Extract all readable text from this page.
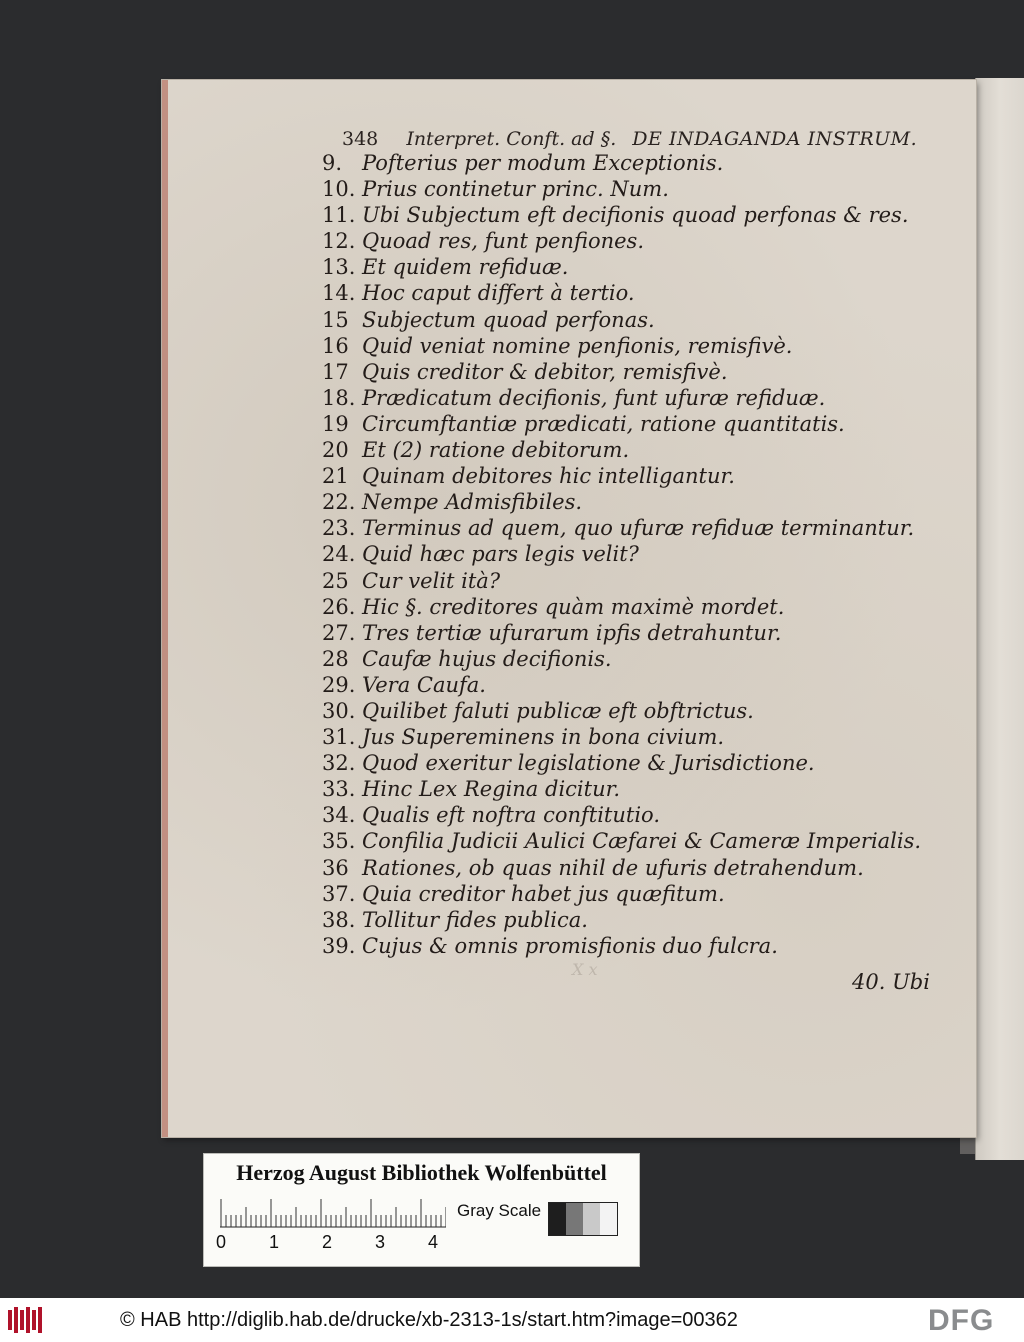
348 Interpret. Conft. ad §. DE INDAGANDA INSTRUM.
9. Pofterius per modum Exceptionis.
10. Prius continetur princ. Num.
11. Ubi Subjectum eft decifionis quoad perfonas & res.
12. Quoad res, funt penfiones.
13. Et quidem refiduæ.
14. Hoc caput differt à tertio.
15 Subjectum quoad perfonas.
16 Quid veniat nomine penfionis, remisfivè.
17 Quis creditor & debitor, remisfivè.
18. Prædicatum decifionis, funt ufuræ refiduæ.
19 Circumftantiæ prædicati, ratione quantitatis.
20 Et (2) ratione debitorum.
21 Quinam debitores hic intelligantur.
22. Nempe Admisfibiles.
23. Terminus ad quem, quo ufuræ refiduæ terminantur.
24. Quid hæc pars legis velit?
25 Cur velit ità?
26. Hic §. creditores quàm maximè mordet.
27. Tres tertiæ ufurarum ipfis detrahuntur.
28 Caufæ hujus decifionis.
29. Vera Caufa.
30. Quilibet faluti publicæ eft obftrictus.
31. Jus Supereminens in bona civium.
32. Quod exeritur legislatione & Jurisdictione.
33. Hinc Lex Regina dicitur.
34. Qualis eft noftra conftitutio.
35. Confilia Judicii Aulici Cæfarei & Cameræ Imperialis.
36 Rationes, ob quas nihil de ufuris detrahendum.
37. Quia creditor habet jus quæfitum.
38. Tollitur fides publica.
39. Cujus & omnis promisfionis duo fulcra.
X x
40. Ubi
Herzog August Bibliothek Wolfenbüttel
0 1 2 3 4
Gray Scale
© HAB http://diglib.hab.de/drucke/xb-2313-1s/start.htm?image=00362	DFG
